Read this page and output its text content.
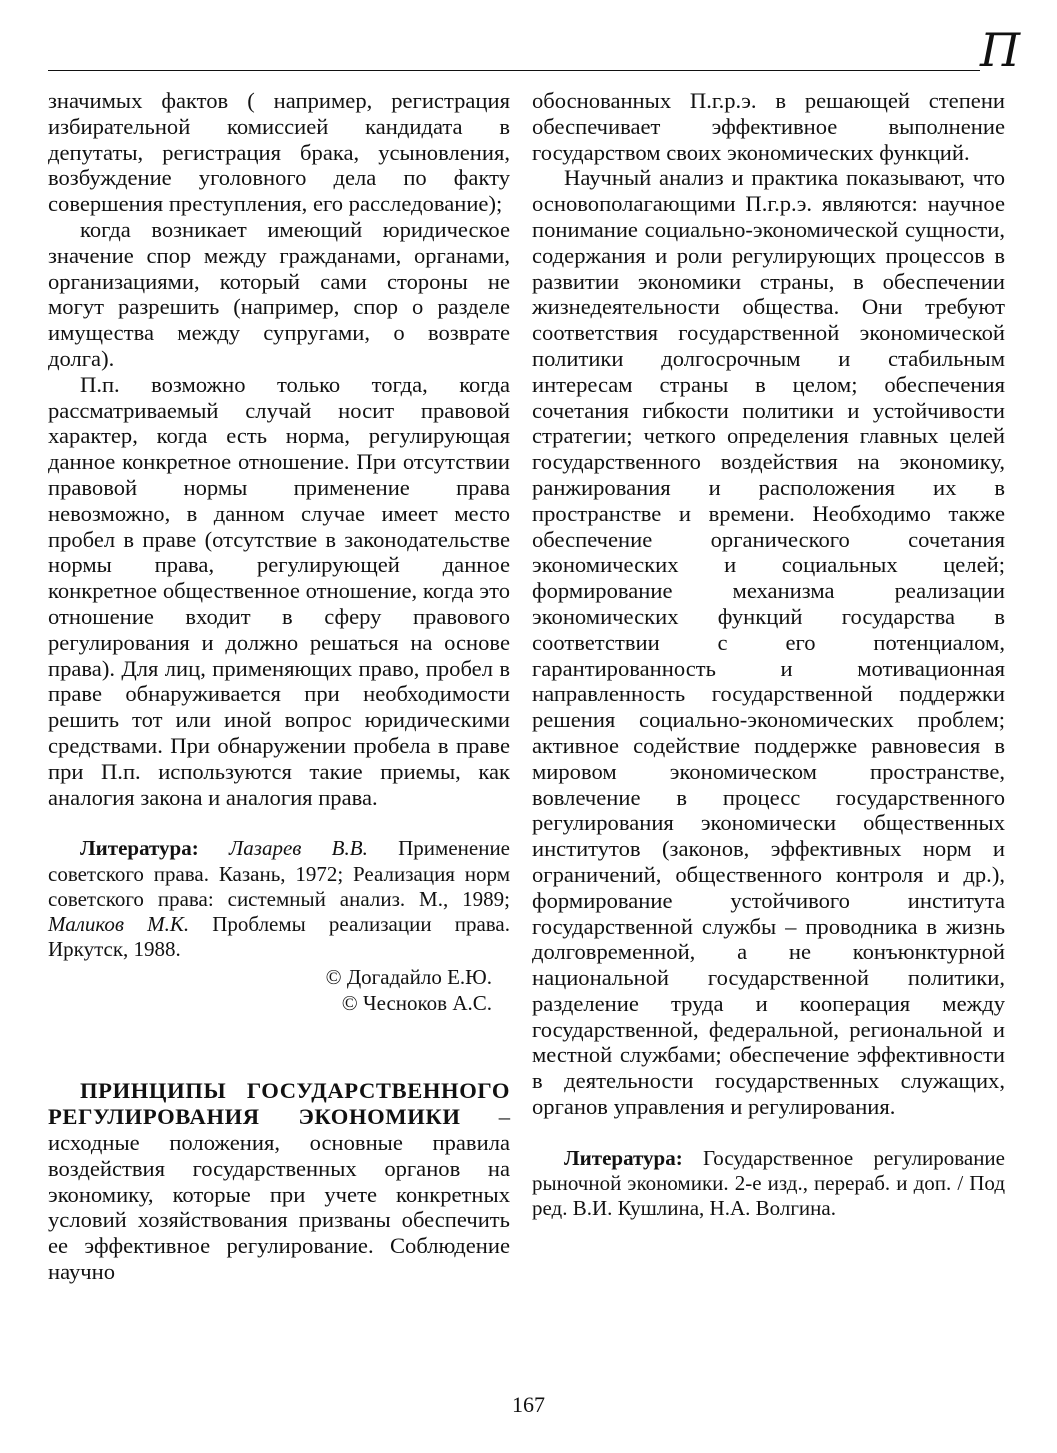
П

значимых фактов ( например, регистрация избирательной комиссией кандидата в депутаты, регистрация брака, усыновления, возбуждение уголовного дела по факту совершения преступления, его расследование);

когда возникает имеющий юридическое значение спор между гражданами, органами, организациями, который сами стороны не могут разрешить (например, спор о разделе имущества между супругами, о возврате долга).

П.п. возможно только тогда, когда рассматриваемый случай носит правовой характер, когда есть норма, регулирующая данное конкретное отношение. При отсутствии правовой нормы применение права невозможно, в данном случае имеет место пробел в праве (отсутствие в законодательстве нормы права, регулирующей данное конкретное общественное отношение, когда это отношение входит в сферу правового регулирования и должно решаться на основе права). Для лиц, применяющих право, пробел в праве обнаруживается при необходимости решить тот или иной вопрос юридическими средствами. При обнаружении пробела в праве при П.п. используются такие приемы, как аналогия закона и аналогия права.

Литература: Лазарев В.В. Применение советского права. Казань, 1972; Реализация норм советского права: системный анализ. М., 1989; Маликов М.К. Проблемы реализации права. Иркутск, 1988.

© Догадайло Е.Ю.
© Чесноков А.С.

ПРИНЦИПЫ ГОСУДАРСТВЕННОГО РЕГУЛИРОВАНИЯ ЭКОНОМИКИ – исходные положения, основные правила воздействия государственных органов на экономику, которые при учете конкретных условий хозяйствования призваны обеспечить ее эффективное регулирование. Соблюдение научно

обоснованных П.г.р.э. в решающей степени обеспечивает эффективное выполнение государством своих экономических функций.

Научный анализ и практика показывают, что основополагающими П.г.р.э. являются: научное понимание социально-экономической сущности, содержания и роли регулирующих процессов в развитии экономики страны, в обеспечении жизнедеятельности общества. Они требуют соответствия государственной экономической политики долгосрочным и стабильным интересам страны в целом; обеспечения сочетания гибкости политики и устойчивости стратегии; четкого определения главных целей государственного воздействия на экономику, ранжирования и расположения их в пространстве и времени. Необходимо также обеспечение органического сочетания экономических и социальных целей; формирование механизма реализации экономических функций государства в соответствии с его потенциалом, гарантированность и мотивационная направленность государственной поддержки решения социально-экономических проблем; активное содействие поддержке равновесия в мировом экономическом пространстве, вовлечение в процесс государственного регулирования экономически общественных институтов (законов, эффективных норм и ограничений, общественного контроля и др.), формирование устойчивого института государственной службы – проводника в жизнь долговременной, а не конъюнктурной национальной государственной политики, разделение труда и кооперация между государственной, федеральной, региональной и местной службами; обеспечение эффективности в деятельности государственных служащих, органов управления и регулирования.

Литература: Государственное регулирование рыночной экономики. 2-е изд., перераб. и доп. / Под ред. В.И. Кушлина, Н.А. Волгина.

167
